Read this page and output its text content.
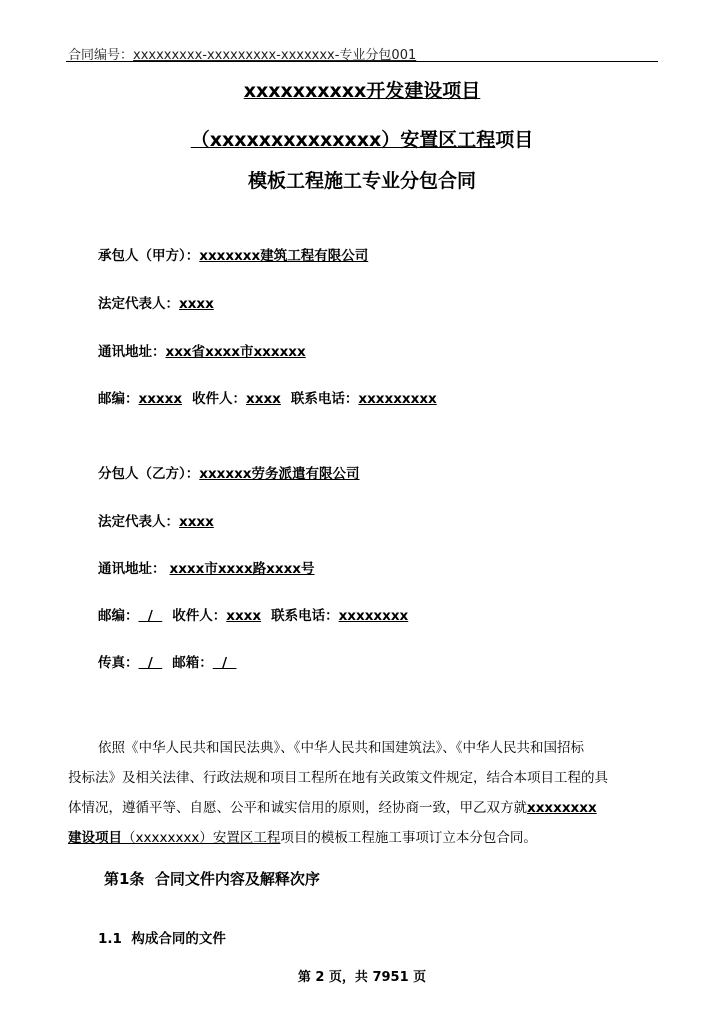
合同编号：xxxxxxxxx-xxxxxxxxx-xxxxxxx-专业分包001
xxxxxxxxxx开发建设项目
（xxxxxxxxxxxxxx）安置区工程项目
模板工程施工专业分包合同
承包人（甲方）：xxxxxxx建筑工程有限公司
法定代表人：xxxx
通讯地址：xxx省xxxx市xxxxxx
邮编：xxxxx 收件人：xxxx 联系电话：xxxxxxxxx
分包人（乙方）：xxxxxx劳务派遣有限公司
法定代表人：xxxx
通讯地址： xxxx市xxxx路xxxx号
邮编：  /  收件人：xxxx 联系电话：xxxxxxxx
传真：  /  邮箱：  /
依照《中华人民共和国民法典》、《中华人民共和国建筑法》、《中华人民共和国招标
投标法》及相关法律、行政法规和项目工程所在地有关政策文件规定，结合本项目工程的具
体情况，遵循平等、自愿、公平和诚实信用的原则，经协商一致，甲乙双方就xxxxxxxx
建设项目（xxxxxxxx）安置区工程项目的模板工程施工事项订立本分包合同。
第1条  合同文件内容及解释次序
1.1  构成合同的文件
第 2 页，共 7951 页
